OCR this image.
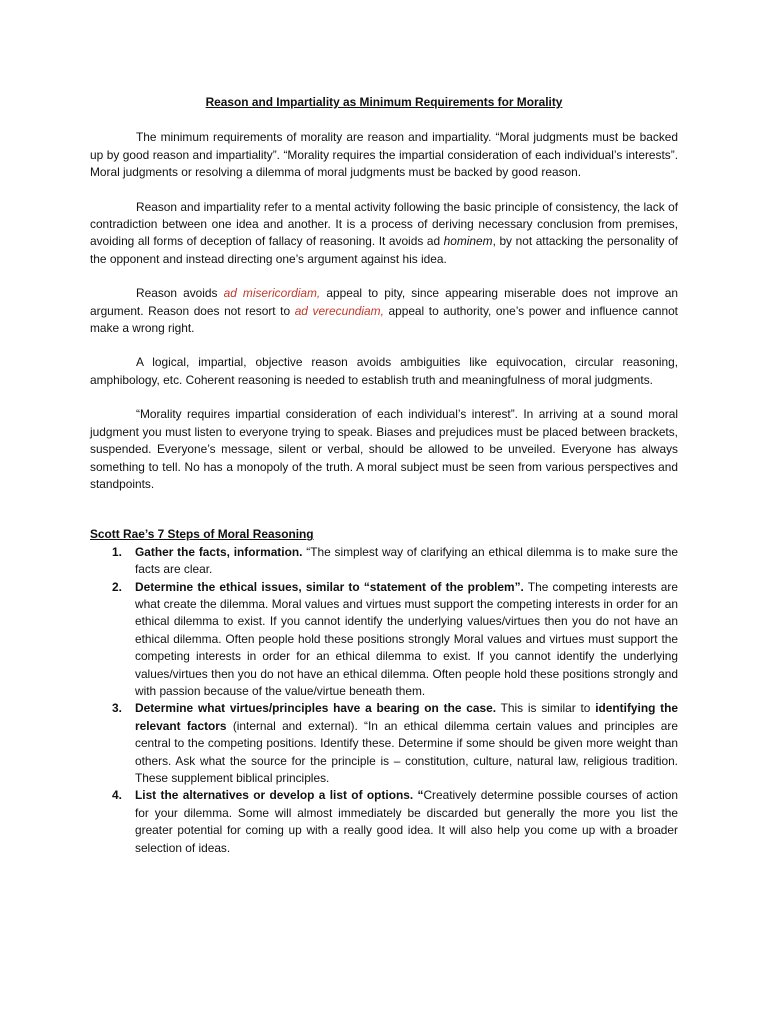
Reason and Impartiality as Minimum Requirements for Morality

The minimum requirements of morality are reason and impartiality. “Moral judgments must be backed up by good reason and impartiality”. “Morality requires the impartial consideration of each individual’s interests”. Moral judgments or resolving a dilemma of moral judgments must be backed by good reason.

Reason and impartiality refer to a mental activity following the basic principle of consistency, the lack of contradiction between one idea and another. It is a process of deriving necessary conclusion from premises, avoiding all forms of deception of fallacy of reasoning. It avoids ad hominem, by not attacking the personality of the opponent and instead directing one’s argument against his idea.

Reason avoids ad misericordiam, appeal to pity, since appearing miserable does not improve an argument. Reason does not resort to ad verecundiam, appeal to authority, one’s power and influence cannot make a wrong right.

A logical, impartial, objective reason avoids ambiguities like equivocation, circular reasoning, amphibology, etc. Coherent reasoning is needed to establish truth and meaningfulness of moral judgments.

“Morality requires impartial consideration of each individual’s interest”. In arriving at a sound moral judgment you must listen to everyone trying to speak. Biases and prejudices must be placed between brackets, suspended. Everyone’s message, silent or verbal, should be allowed to be unveiled. Everyone has always something to tell. No has a monopoly of the truth. A moral subject must be seen from various perspectives and standpoints.

Scott Rae’s 7 Steps of Moral Reasoning
1. Gather the facts, information. “The simplest way of clarifying an ethical dilemma is to make sure the facts are clear.
2. Determine the ethical issues, similar to “statement of the problem”. The competing interests are what create the dilemma. Moral values and virtues must support the competing interests in order for an ethical dilemma to exist. If you cannot identify the underlying values/virtues then you do not have an ethical dilemma. Often people hold these positions strongly Moral values and virtues must support the competing interests in order for an ethical dilemma to exist. If you cannot identify the underlying values/virtues then you do not have an ethical dilemma. Often people hold these positions strongly and with passion because of the value/virtue beneath them.
3. Determine what virtues/principles have a bearing on the case. This is similar to identifying the relevant factors (internal and external). “In an ethical dilemma certain values and principles are central to the competing positions. Identify these. Determine if some should be given more weight than others. Ask what the source for the principle is – constitution, culture, natural law, religious tradition. These supplement biblical principles.
4. List the alternatives or develop a list of options. “Creatively determine possible courses of action for your dilemma. Some will almost immediately be discarded but generally the more you list the greater potential for coming up with a really good idea. It will also help you come up with a broader selection of ideas.
